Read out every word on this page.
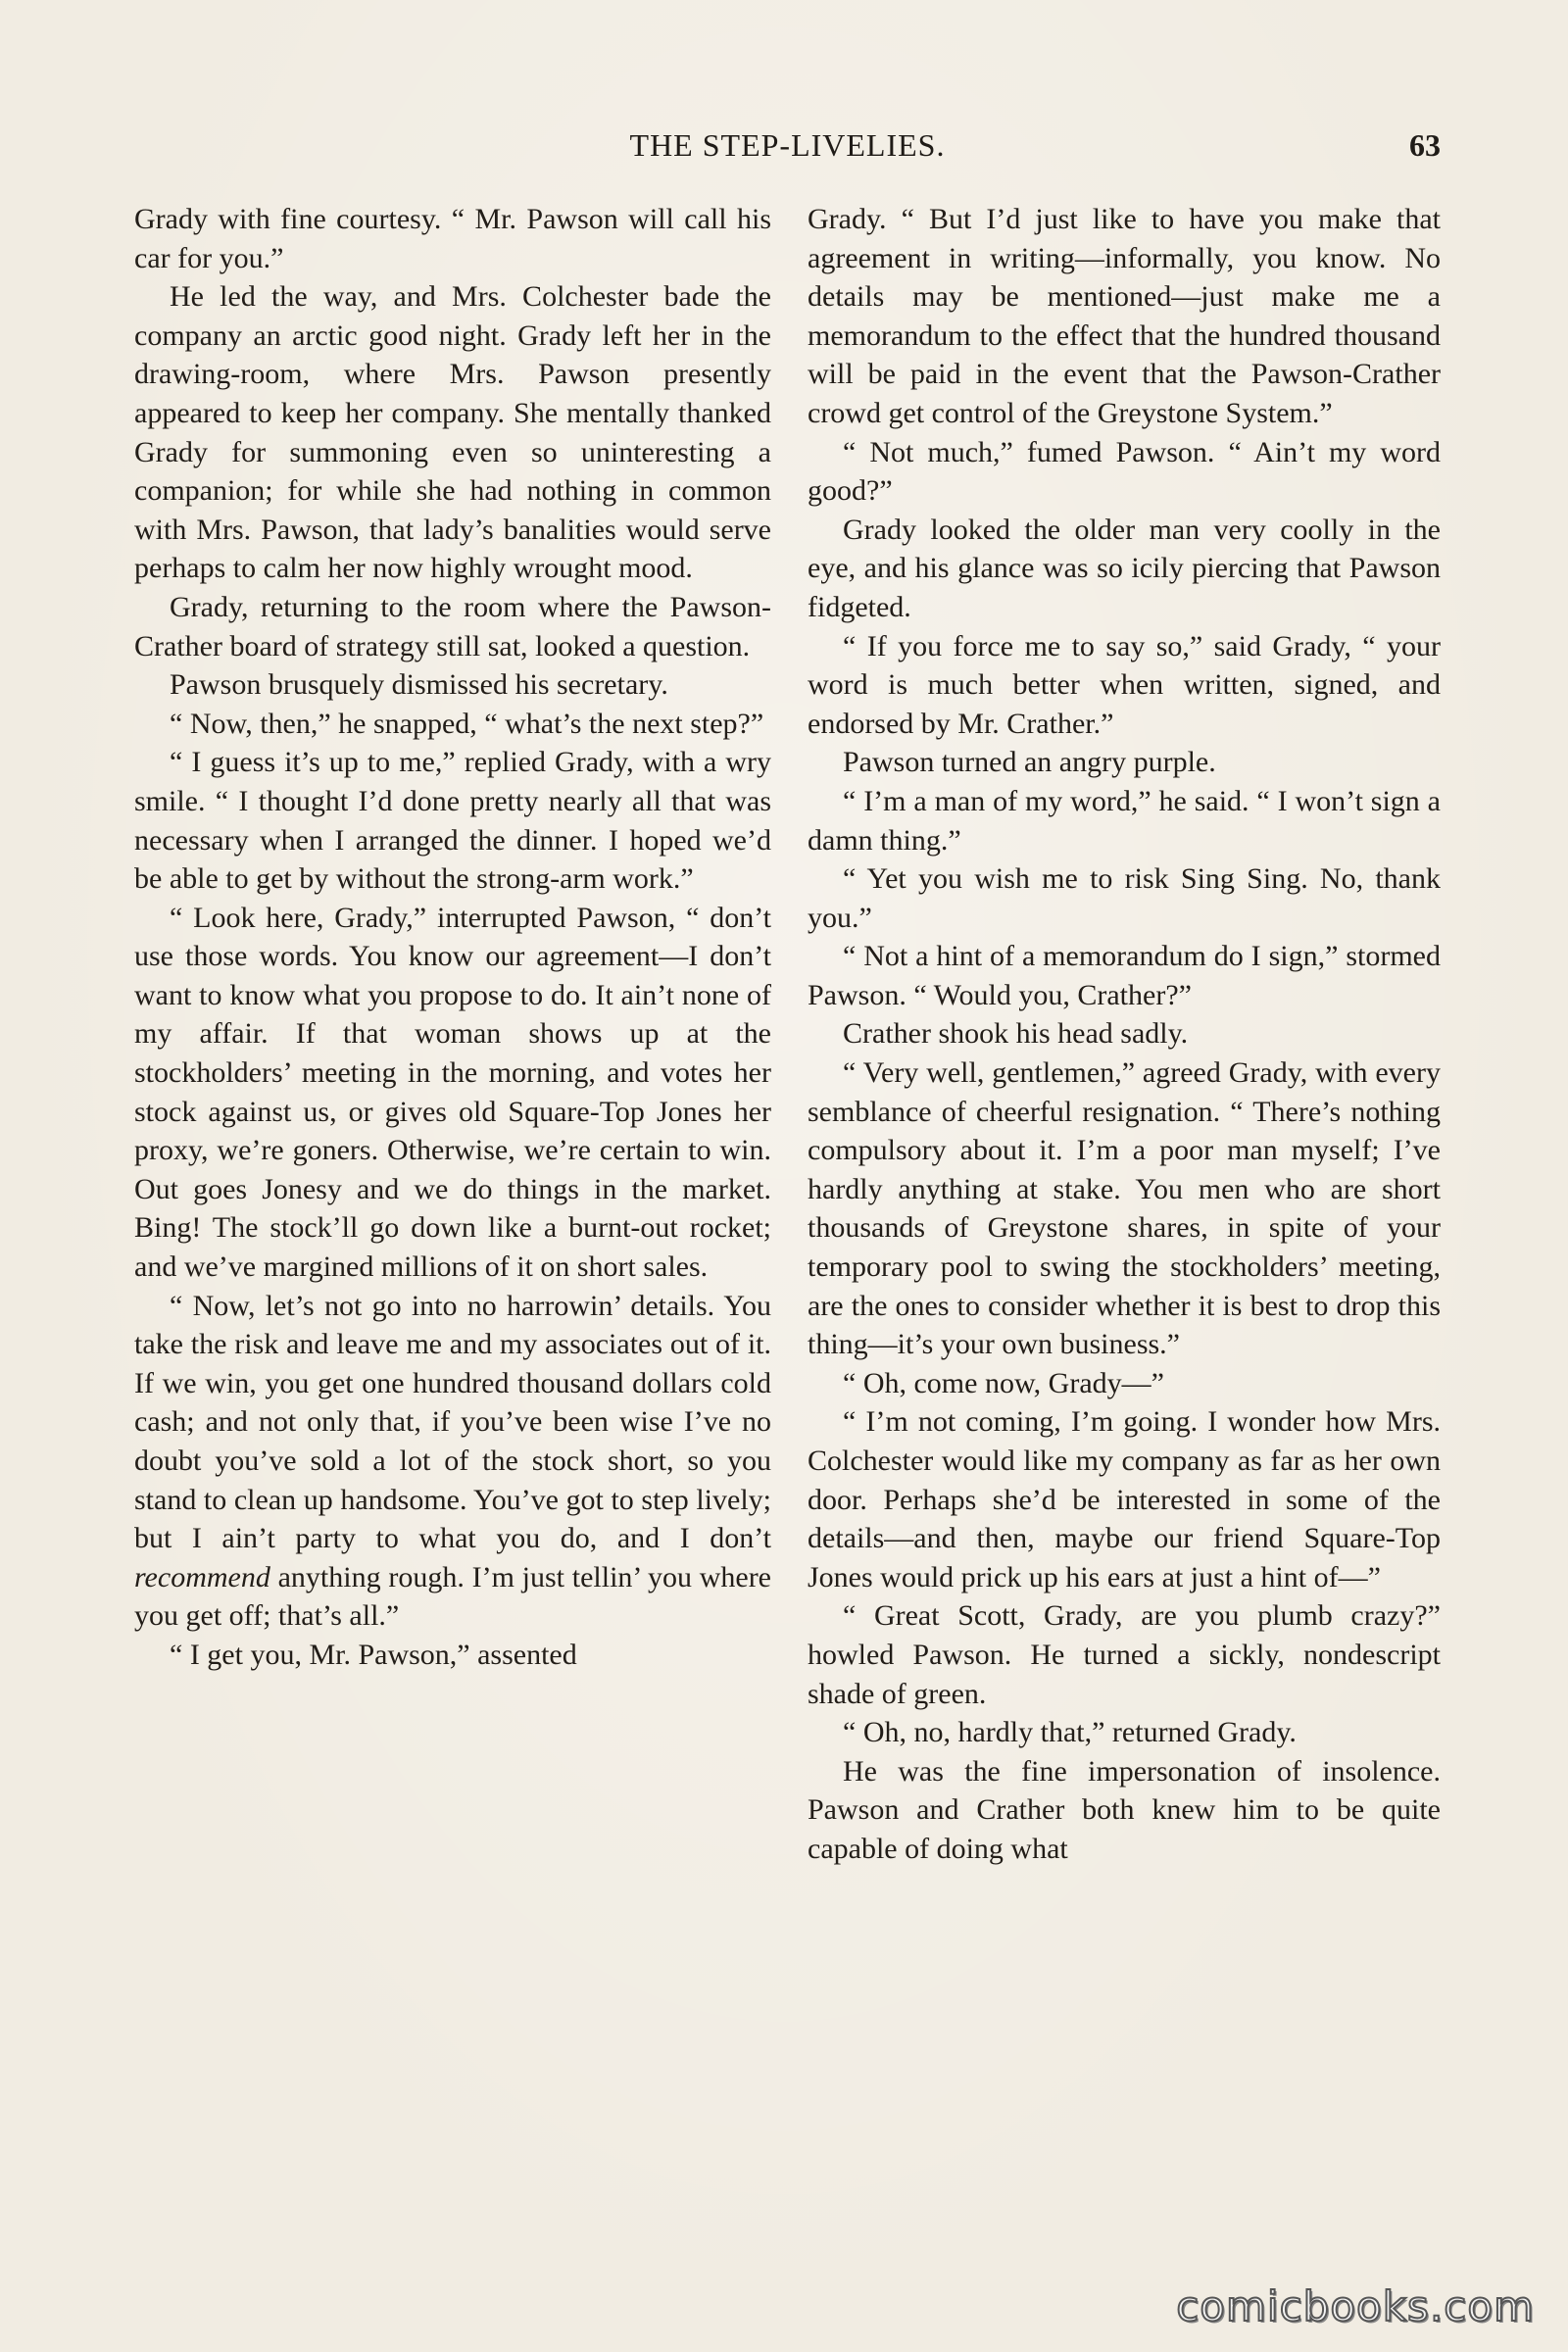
THE STEP-LIVELIES.	63

Grady with fine courtesy. “ Mr. Pawson will call his car for you.”

He led the way, and Mrs. Colchester bade the company an arctic good night. Grady left her in the drawing-room, where Mrs. Pawson presently appeared to keep her company. She mentally thanked Grady for summoning even so uninteresting a companion; for while she had nothing in common with Mrs. Pawson, that lady’s banalities would serve perhaps to calm her now highly wrought mood.

Grady, returning to the room where the Pawson-Crather board of strategy still sat, looked a question.

Pawson brusquely dismissed his secretary.

“ Now, then,” he snapped, “ what’s the next step?”

“ I guess it’s up to me,” replied Grady, with a wry smile. “ I thought I’d done pretty nearly all that was necessary when I arranged the dinner. I hoped we’d be able to get by without the strong-arm work.”

“ Look here, Grady,” interrupted Pawson, “ don’t use those words. You know our agreement—I don’t want to know what you propose to do. It ain’t none of my affair. If that woman shows up at the stockholders’ meeting in the morning, and votes her stock against us, or gives old Square-Top Jones her proxy, we’re goners. Otherwise, we’re certain to win. Out goes Jonesy and we do things in the market. Bing! The stock’ll go down like a burnt-out rocket; and we’ve margined millions of it on short sales.

“ Now, let’s not go into no harrowin’ details. You take the risk and leave me and my associates out of it. If we win, you get one hundred thousand dollars cold cash; and not only that, if you’ve been wise I’ve no doubt you’ve sold a lot of the stock short, so you stand to clean up handsome. You’ve got to step lively; but I ain’t party to what you do, and I don’t recommend anything rough. I’m just tellin’ you where you get off; that’s all.”

“ I get you, Mr. Pawson,” assented

Grady. “ But I’d just like to have you make that agreement in writing—informally, you know. No details may be mentioned—just make me a memorandum to the effect that the hundred thousand will be paid in the event that the Pawson-Crather crowd get control of the Greystone System.”

“ Not much,” fumed Pawson. “ Ain’t my word good?”

Grady looked the older man very coolly in the eye, and his glance was so icily piercing that Pawson fidgeted.

“ If you force me to say so,” said Grady, “ your word is much better when written, signed, and endorsed by Mr. Crather.”

Pawson turned an angry purple.

“ I’m a man of my word,” he said. “ I won’t sign a damn thing.”

“ Yet you wish me to risk Sing Sing. No, thank you.”

“ Not a hint of a memorandum do I sign,” stormed Pawson. “ Would you, Crather?”

Crather shook his head sadly.

“ Very well, gentlemen,” agreed Grady, with every semblance of cheerful resignation. “ There’s nothing compulsory about it. I’m a poor man myself; I’ve hardly anything at stake. You men who are short thousands of Greystone shares, in spite of your temporary pool to swing the stockholders’ meeting, are the ones to consider whether it is best to drop this thing—it’s your own business.”

“ Oh, come now, Grady—”

“ I’m not coming, I’m going. I wonder how Mrs. Colchester would like my company as far as her own door. Perhaps she’d be interested in some of the details—and then, maybe our friend Square-Top Jones would prick up his ears at just a hint of—”

“ Great Scott, Grady, are you plumb crazy?” howled Pawson. He turned a sickly, nondescript shade of green.

“ Oh, no, hardly that,” returned Grady.

He was the fine impersonation of insolence. Pawson and Crather both knew him to be quite capable of doing what

comicbooks.com
